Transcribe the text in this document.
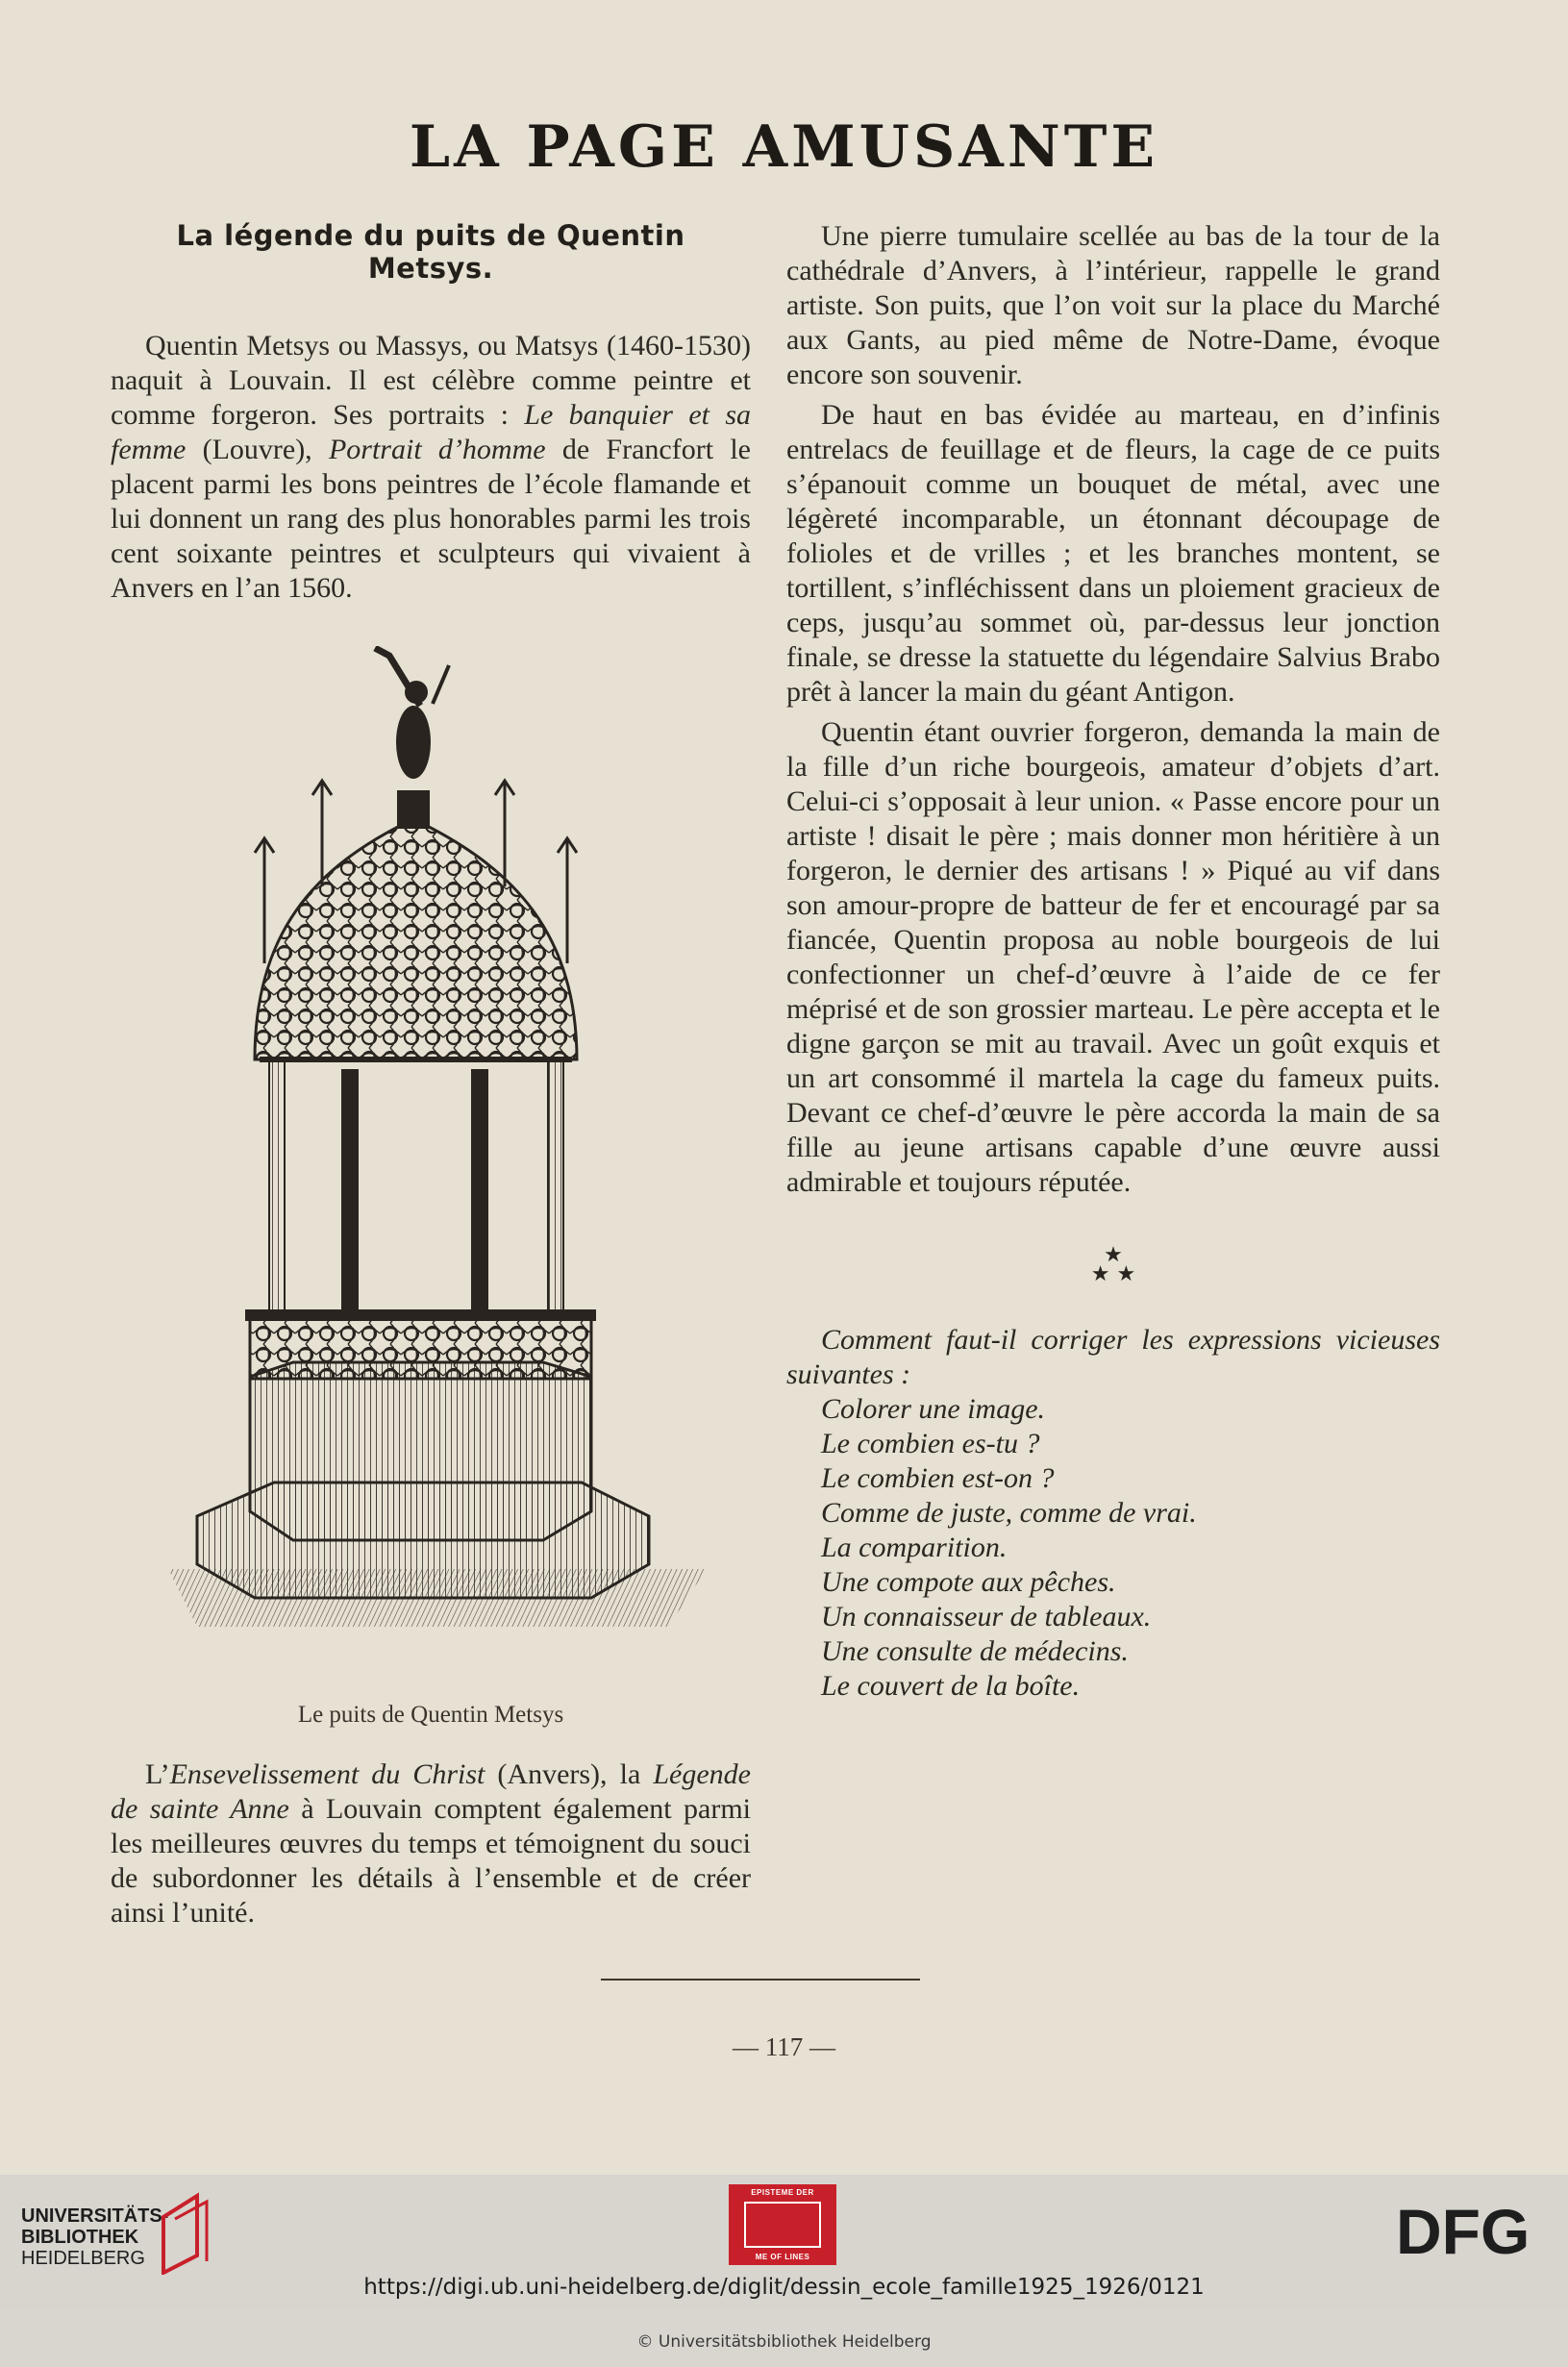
LA PAGE AMUSANTE
La légende du puits de Quentin Metsys.

Quentin Metsys ou Massys, ou Matsys (1460-1530) naquit à Louvain. Il est célèbre comme peintre et comme forgeron. Ses portraits : Le banquier et sa femme (Louvre), Portrait d’homme de Francfort le placent parmi les bons peintres de l’école flamande et lui donnent un rang des plus honorables parmi les trois cent soixante peintres et sculpteurs qui vivaient à Anvers en l’an 1560.

Le puits de Quentin Metsys

L’Ensevelissement du Christ (Anvers), la Légende de sainte Anne à Louvain comptent également parmi les meilleures œuvres du temps et témoignent du souci de subordonner les détails à l’ensemble et de créer ainsi l’unité.

Une pierre tumulaire scellée au bas de la tour de la cathédrale d’Anvers, à l’intérieur, rappelle le grand artiste. Son puits, que l’on voit sur la place du Marché aux Gants, au pied même de Notre-Dame, évoque encore son souvenir.

De haut en bas évidée au marteau, en d’infinis entrelacs de feuillage et de fleurs, la cage de ce puits s’épanouit comme un bouquet de métal, avec une légèreté incomparable, un étonnant découpage de folioles et de vrilles ; et les branches montent, se tortillent, s’infléchissent dans un ploiement gracieux de ceps, jusqu’au sommet où, par-dessus leur jonction finale, se dresse la statuette du légendaire Salvius Brabo prêt à lancer la main du géant Antigon.

Quentin étant ouvrier forgeron, demanda la main de la fille d’un riche bourgeois, amateur d’objets d’art. Celui-ci s’opposait à leur union. « Passe encore pour un artiste ! disait le père ; mais donner mon héritière à un forgeron, le dernier des artisans ! » Piqué au vif dans son amour-propre de batteur de fer et encouragé par sa fiancée, Quentin proposa au noble bourgeois de lui confectionner un chef-d’œuvre à l’aide de ce fer méprisé et de son grossier marteau. Le père accepta et le digne garçon se mit au travail. Avec un goût exquis et un art consommé il martela la cage du fameux puits. Devant ce chef-d’œuvre le père accorda la main de sa fille au jeune artisans capable d’une œuvre aussi admirable et toujours réputée.

★
★ ★

Comment faut-il corriger les expressions vicieuses suivantes :

Colorer une image.
Le combien es-tu ?
Le combien est-on ?
Comme de juste, comme de vrai.
La comparition.
Une compote aux pêches.
Un connaisseur de tableaux.
Une consulte de médecins.
Le couvert de la boîte.
— 117 —
UNIVERSITÄTS-
BIBLIOTHEK
HEIDELBERG
EPISTEME DER
ME OF LINES	DFG
https://digi.ub.uni-heidelberg.de/diglit/dessin_ecole_famille1925_1926/0121
© Universitätsbibliothek Heidelberg
